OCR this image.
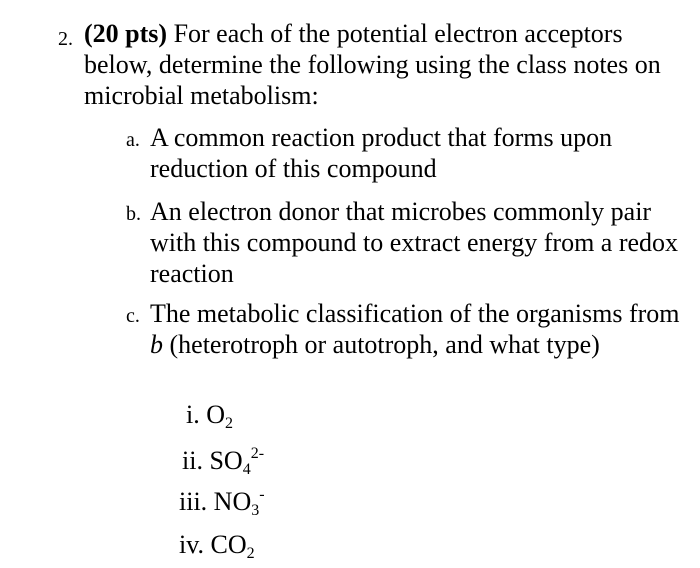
2. (20 pts) For each of the potential electron acceptors below, determine the following using the class notes on microbial metabolism:
a. A common reaction product that forms upon reduction of this compound
b. An electron donor that microbes commonly pair with this compound to extract energy from a redox reaction
c. The metabolic classification of the organisms from b (heterotroph or autotroph, and what type)
i. $O_2$
ii. $SO_4^{2-}$
iii. $NO_3^-$
iv. $CO_2$
